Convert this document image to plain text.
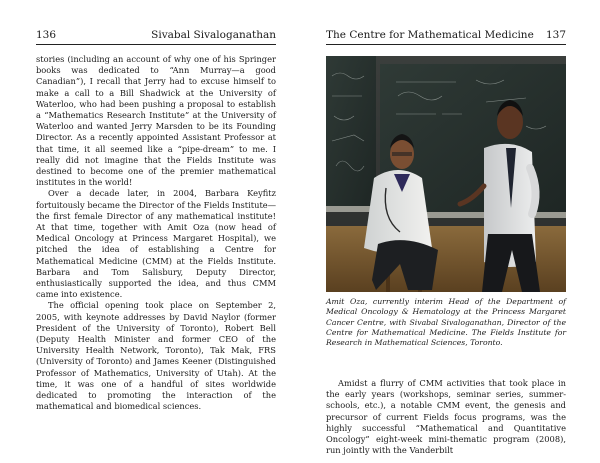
136	Sivabal Sivaloganathan

stories (including an account of why one of his Springer books was dedicated to “Ann Murray—a good Canadian”), I recall that Jerry had to excuse himself to make a call to a Bill Shadwick at the University of Waterloo, who had been pushing a proposal to establish a “Mathematics Research Institute” at the University of Waterloo and wanted Jerry Marsden to be its Founding Director. As a recently appointed Assistant Professor at that time, it all seemed like a “pipe-dream” to me. I really did not imagine that the Fields Institute was destined to become one of the premier mathematical institutes in the world!

Over a decade later, in 2004, Barbara Keyfitz fortuitously became the Director of the Fields Institute—the first female Director of any mathematical institute! At that time, together with Amit Oza (now head of Medical Oncology at Princess Margaret Hospital), we pitched the idea of establishing a Centre for Mathematical Medicine (CMM) at the Fields Institute. Barbara and Tom Salisbury, Deputy Director, enthusiastically supported the idea, and thus CMM came into existence.

The official opening took place on September 2, 2005, with keynote addresses by David Naylor (former President of the University of Toronto), Robert Bell (Deputy Health Minister and former CEO of the University Health Network, Toronto), Tak Mak, FRS (University of Toronto) and James Keener (Distinguished Professor of Mathematics, University of Utah). At the time, it was one of a handful of sites worldwide dedicated to promoting the interaction of the mathematical and biomedical sciences.

The Centre for Mathematical Medicine 137
Amit Oza, currently interim Head of the Department of Medical Oncology & Hematology at the Princess Margaret Cancer Centre, with Sivabal Sivaloganathan, Director of the Centre for Mathematical Medicine. The Fields Institute for Research in Mathematical Sciences, Toronto.

Amidst a flurry of CMM activities that took place in the early years (workshops, seminar series, summer-schools, etc.), a notable CMM event, the genesis and precursor of current Fields focus programs, was the highly successful “Mathematical and Quantitative Oncology” eight-week mini-thematic program (2008), run jointly with the Vanderbilt
